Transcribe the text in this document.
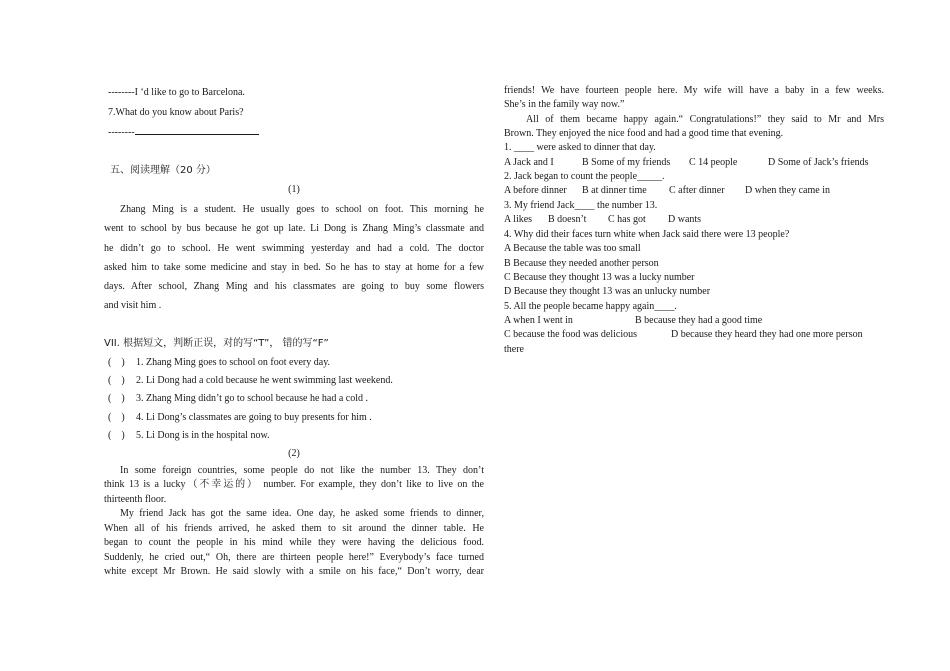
--------I ‘d like to go to Barcelona.
7.What do you know about Paris?
--------
五、阅读理解（20 分）
(1)
Zhang Ming is a student. He usually goes to school on foot. This morning he
went to school by bus because he got up late. Li Dong is Zhang Ming’s classmate and
he didn’t go to school. He went swimming yesterday and had a cold. The doctor
asked him to take some medicine and stay in bed. So he has to stay at home for a few
days. After school, Zhang Ming and his classmates are going to buy some flowers
and visit him .
VII. 根据短文，判断正误，对的写“T”， 错的写“F”
( ) 1. Zhang Ming goes to school on foot every day.
( ) 2. Li Dong had a cold because he went swimming last weekend.
( ) 3. Zhang Ming didn’t go to school because he had a cold .
( ) 4. Li Dong’s classmates are going to buy presents for him .
( ) 5. Li Dong is in the hospital now.
(2)
In some foreign countries, some people do not like the number 13. They don’t
think 13 is a lucky（不幸运的） number. For example, they don’t like to live on the
thirteenth floor.
My friend Jack has got the same idea. One day, he asked some friends to dinner,
When all of his friends arrived, he asked them to sit around the dinner table. He
began to count the people in his mind while they were having the delicious food.
Suddenly, he cried out,“ Oh, there are thirteen people here!” Everybody’s face turned
white except Mr Brown. He said slowly with a smile on his face,“ Don’t worry, dear
friends! We have fourteen people here. My wife will have a baby in a few weeks.
She’s in the family way now.”
All of them became happy again.“ Congratulations!” they said to Mr and Mrs
Brown. They enjoyed the nice food and had a good time that evening.
1. ____ were asked to dinner that day.
A Jack and I	B Some of my friends C 14 people	D Some of Jack’s friends
2. Jack began to count the people_____.
A before dinner B at dinner time C after dinner D when they came in
3. My friend Jack____ the number 13.
A likes B doesn’t C has got D wants
4. Why did their faces turn white when Jack said there were 13 people?
A Because the table was too small
B Because they needed another person
C Because they thought 13 was a lucky number
D Because they thought 13 was an unlucky number
5. All the people became happy again____.
A when I went in	B because they had a good time
C because the food was delicious	D because they heard they had one more person
there
